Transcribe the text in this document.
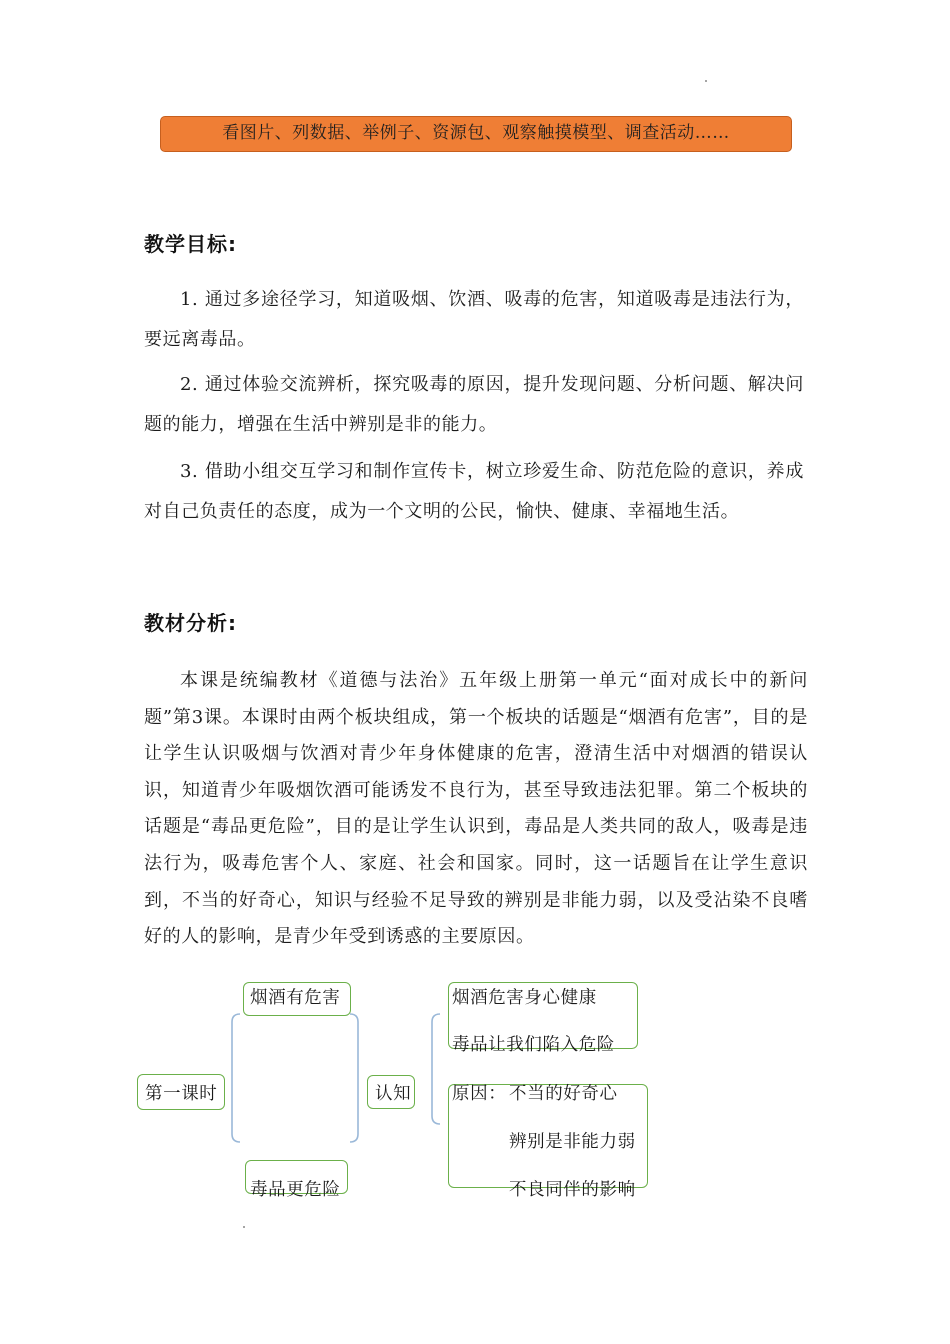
看图片、列数据、举例子、资源包、观察触摸模型、调查活动……
教学目标:

1. 通过多途径学习，知道吸烟、饮酒、吸毒的危害，知道吸毒是违法行为，要远离毒品。

2. 通过体验交流辨析，探究吸毒的原因，提升发现问题、分析问题、解决问题的能力，增强在生活中辨别是非的能力。

3. 借助小组交互学习和制作宣传卡，树立珍爱生命、防范危险的意识，养成对自己负责任的态度，成为一个文明的公民，愉快、健康、幸福地生活。

教材分析:

本课是统编教材《道德与法治》五年级上册第一单元“面对成长中的新问题”第3课。本课时由两个板块组成，第一个板块的话题是“烟酒有危害”，目的是让学生认识吸烟与饮酒对青少年身体健康的危害，澄清生活中对烟酒的错误认识，知道青少年吸烟饮酒可能诱发不良行为，甚至导致违法犯罪。第二个板块的话题是“毒品更危险”，目的是让学生认识到，毒品是人类共同的敌人，吸毒是违法行为，吸毒危害个人、家庭、社会和国家。同时，这一话题旨在让学生意识到，不当的好奇心，知识与经验不足导致的辨别是非能力弱，以及受沾染不良嗜好的人的影响，是青少年受到诱惑的主要原因。

第一课时
烟酒有危害
毒品更危险
认知
烟酒危害身心健康
毒品让我们陷入危险
原因： 不当的好奇心
辨别是非能力弱
不良同伴的影响
